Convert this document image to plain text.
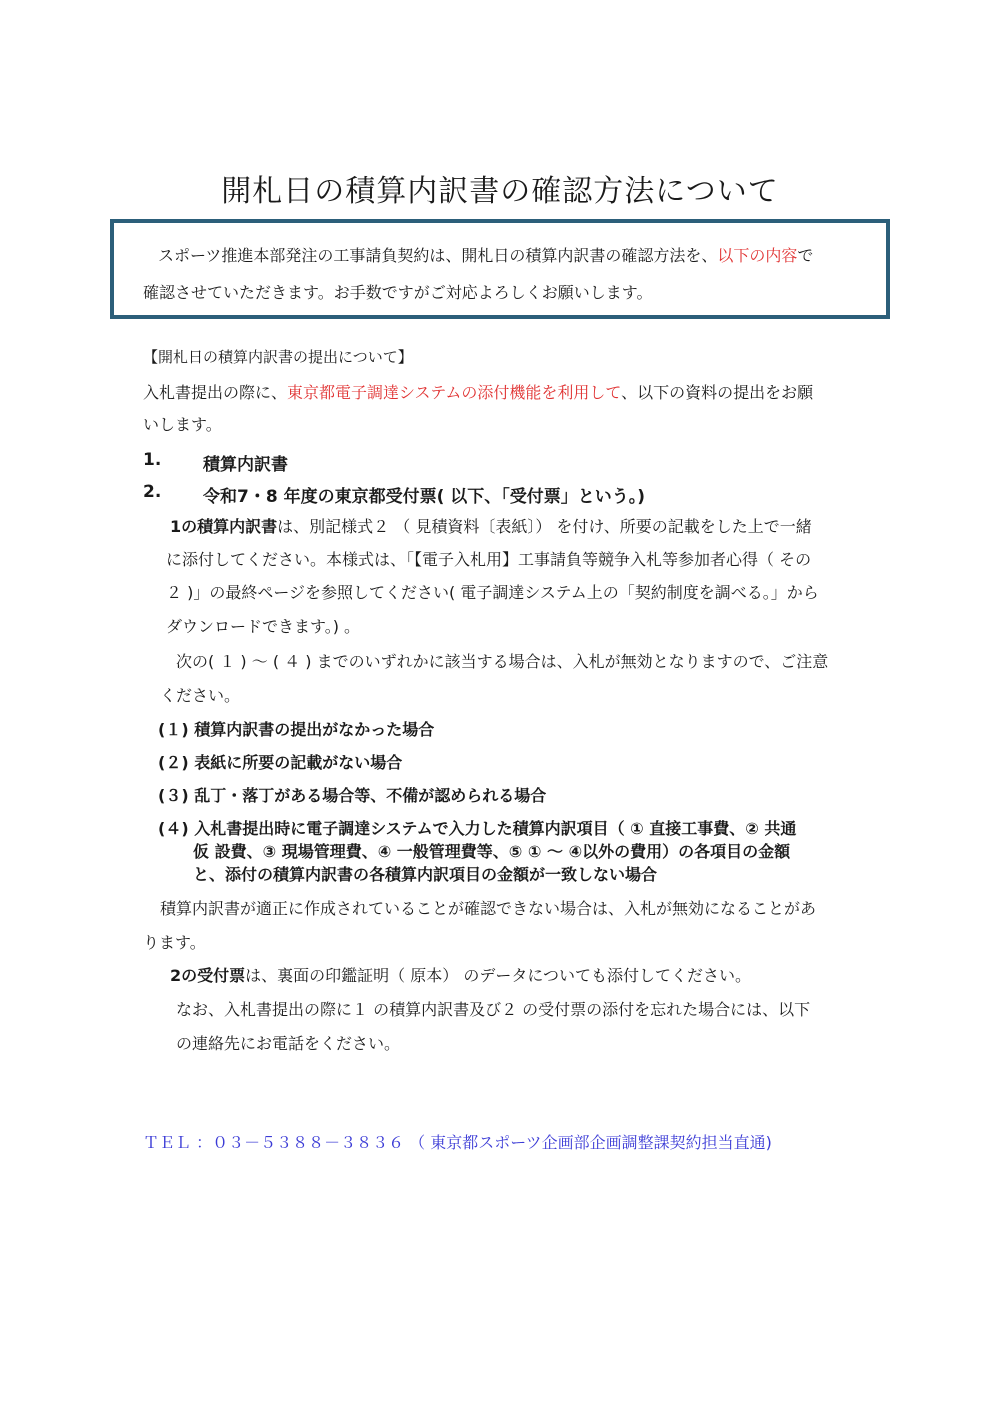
開札日の積算内訳書の確認方法について
スポーツ推進本部発注の工事請負契約は、開札日の積算内訳書の確認方法を、以下の内容で
確認させていただきます。お手数ですがご対応よろしくお願いします。
【開札日の積算内訳書の提出について】
入札書提出の際に、東京都電子調達システムの添付機能を利用して、以下の資料の提出をお願
いします。
1. 積算内訳書
2. 令和7・8 年度の東京都受付票( 以下、「受付票」という。)
1の積算内訳書は、別記様式２ （ 見積資料〔表紙〕） を付け、所要の記載をした上で一緒
に添付してください。本様式は、「【電子入札用】工事請負等競争入札等参加者心得（ その
２ )」の最終ページを参照してください( 電子調達システム上の「契約制度を調べる。」から
ダウンロードできます。) 。
次の( １ ) ～ ( ４ ) までのいずれかに該当する場合は、入札が無効となりますので、ご注意
ください。
(１) 積算内訳書の提出がなかった場合
(２) 表紙に所要の記載がない場合
(３) 乱丁・落丁がある場合等、不備が認められる場合
(４) 入札書提出時に電子調達システムで入力した積算内訳項目（ ① 直接工事費、② 共通
仮 設費、③ 現場管理費、④ 一般管理費等、⑤ ① ～ ④以外の費用）の各項目の金額
と、添付の積算内訳書の各積算内訳項目の金額が一致しない場合
積算内訳書が適正に作成されていることが確認できない場合は、入札が無効になることがあ
ります。
2の受付票は、裏面の印鑑証明（ 原本） のデータについても添付してください。
なお、入札書提出の際に１ の積算内訳書及び２ の受付票の添付を忘れた場合には、以下
の連絡先にお電話をください。
ＴＥＬ ：０３－５３８８－３８３６ （ 東京都スポーツ企画部企画調整課契約担当直通)
